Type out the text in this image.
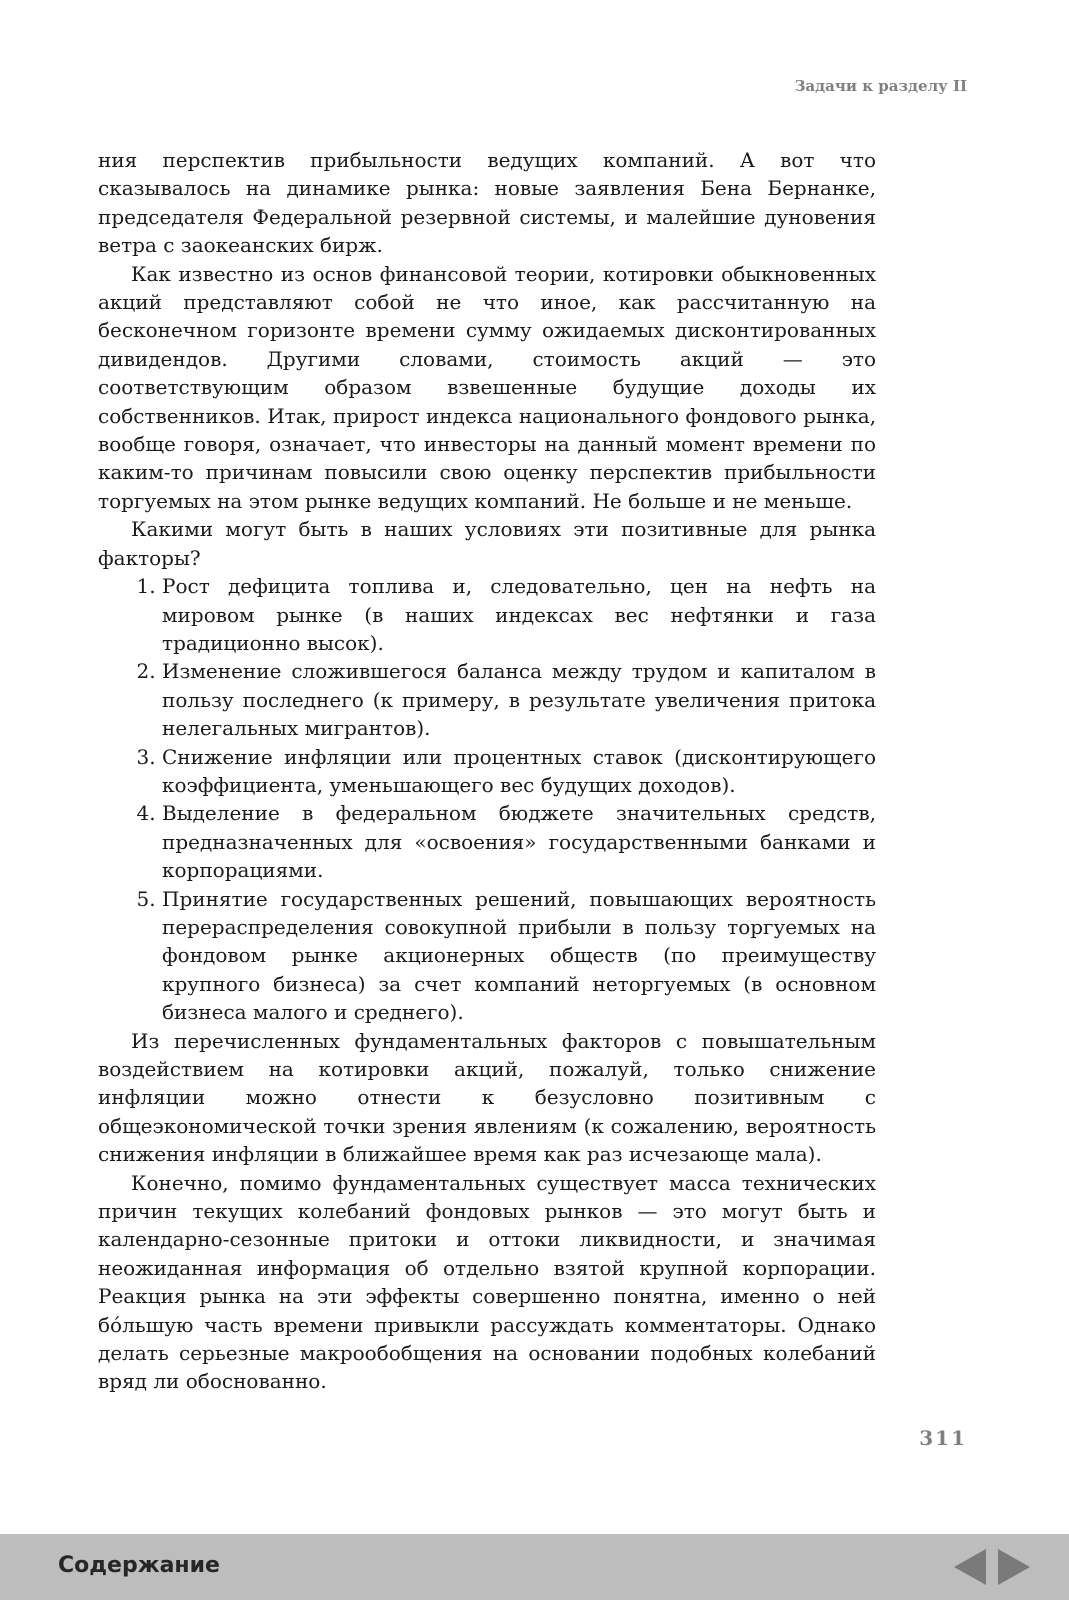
Задачи к разделу II

ния перспектив прибыльности ведущих компаний. А вот что сказывалось на динамике рынка: новые заявления Бена Бернанке, председателя Федеральной резервной системы, и малейшие дуновения ветра с заокеанских бирж.

Как известно из основ финансовой теории, котировки обыкновенных акций представляют собой не что иное, как рассчитанную на бесконечном горизонте времени сумму ожидаемых дисконтированных дивидендов. Другими словами, стоимость акций — это соответствующим образом взвешенные будущие доходы их собственников. Итак, прирост индекса национального фондового рынка, вообще говоря, означает, что инвесторы на данный момент времени по каким-то причинам повысили свою оценку перспектив прибыльности торгуемых на этом рынке ведущих компаний. Не больше и не меньше.

Какими могут быть в наших условиях эти позитивные для рынка факторы?

1. Рост дефицита топлива и, следовательно, цен на нефть на мировом рынке (в наших индексах вес нефтянки и газа традиционно высок).
2. Изменение сложившегося баланса между трудом и капиталом в пользу последнего (к примеру, в результате увеличения притока нелегальных мигрантов).
3. Снижение инфляции или процентных ставок (дисконтирующего коэффициента, уменьшающего вес будущих доходов).
4. Выделение в федеральном бюджете значительных средств, предназначенных для «освоения» государственными банками и корпорациями.
5. Принятие государственных решений, повышающих вероятность перераспределения совокупной прибыли в пользу торгуемых на фондовом рынке акционерных обществ (по преимуществу крупного бизнеса) за счет компаний неторгуемых (в основном бизнеса малого и среднего).

Из перечисленных фундаментальных факторов с повышательным воздействием на котировки акций, пожалуй, только снижение инфляции можно отнести к безусловно позитивным с общеэкономической точки зрения явлениям (к сожалению, вероятность снижения инфляции в ближайшее время как раз исчезающе мала).

Конечно, помимо фундаментальных существует масса технических причин текущих колебаний фондовых рынков — это могут быть и календарно-сезонные притоки и оттоки ликвидности, и значимая неожиданная информация об отдельно взятой крупной корпорации. Реакция рынка на эти эффекты совершенно понятна, именно о ней бóльшую часть времени привыкли рассуждать комментаторы. Однако делать серьезные макрообобщения на основании подобных колебаний вряд ли обоснованно.

311
Содержание
